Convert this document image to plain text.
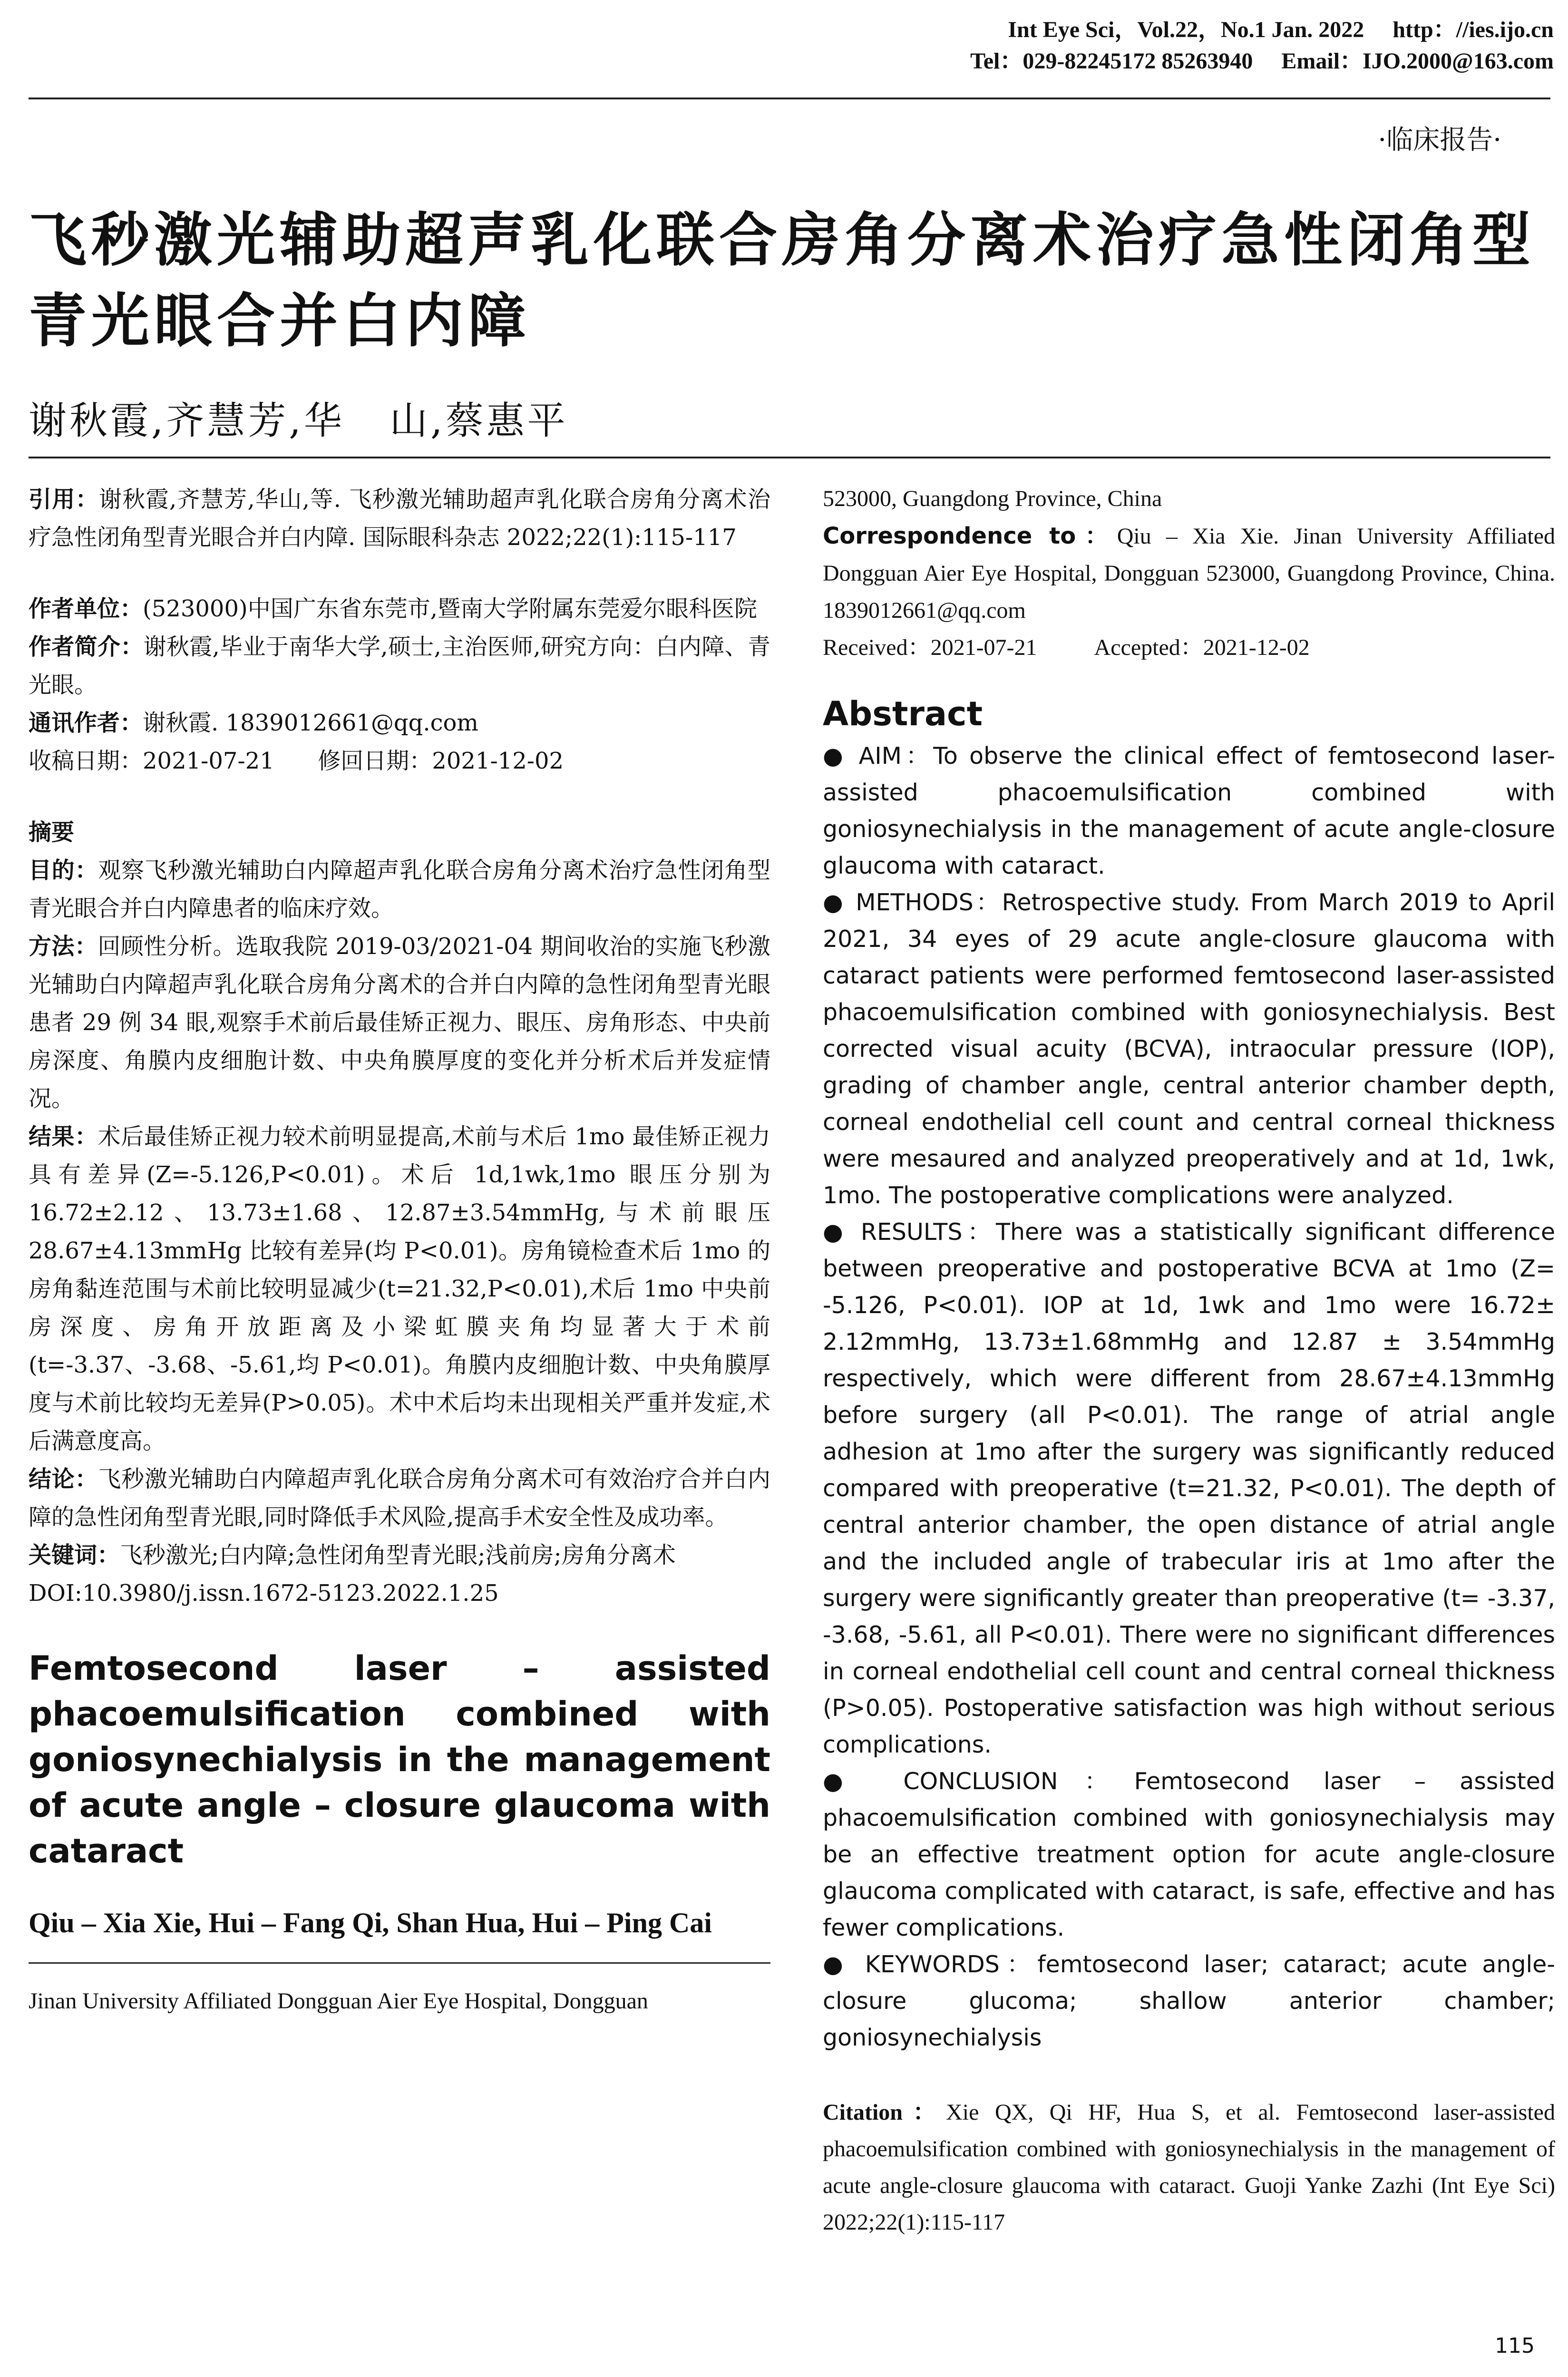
Int Eye Sci，Vol.22，No.1 Jan. 2022 http：//ies.ijo.cn
Tel：029-82245172 85263940 Email：IJO.2000@163.com
·临床报告·
飞秒激光辅助超声乳化联合房角分离术治疗急性闭角型
青光眼合并白内障
谢秋霞,齐慧芳,华   山,蔡惠平

引用：谢秋霞,齐慧芳,华山,等. 飞秒激光辅助超声乳化联合房角分离术治疗急性闭角型青光眼合并白内障. 国际眼科杂志 2022;22(1):115-117

作者单位：(523000)中国广东省东莞市,暨南大学附属东莞爱尔眼科医院

作者简介：谢秋霞,毕业于南华大学,硕士,主治医师,研究方向：白内障、青光眼。

通讯作者：谢秋霞. 1839012661@qq.com

收稿日期：2021-07-21      修回日期：2021-12-02

摘要

目的：观察飞秒激光辅助白内障超声乳化联合房角分离术治疗急性闭角型青光眼合并白内障患者的临床疗效。

方法：回顾性分析。选取我院 2019-03/2021-04 期间收治的实施飞秒激光辅助白内障超声乳化联合房角分离术的合并白内障的急性闭角型青光眼患者 29 例 34 眼,观察手术前后最佳矫正视力、眼压、房角形态、中央前房深度、角膜内皮细胞计数、中央角膜厚度的变化并分析术后并发症情况。

结果：术后最佳矫正视力较术前明显提高,术前与术后 1mo 最佳矫正视力具有差异(Z=-5.126,P<0.01)。术后 1d,1wk,1mo 眼压分别为 16.72±2.12、13.73±1.68、12.87±3.54mmHg,与术前眼压 28.67±4.13mmHg 比较有差异(均 P<0.01)。房角镜检查术后 1mo 的房角黏连范围与术前比较明显减少(t=21.32,P<0.01),术后 1mo 中央前房深度、房角开放距离及小梁虹膜夹角均显著大于术前(t=-3.37、-3.68、-5.61,均 P<0.01)。角膜内皮细胞计数、中央角膜厚度与术前比较均无差异(P>0.05)。术中术后均未出现相关严重并发症,术后满意度高。

结论：飞秒激光辅助白内障超声乳化联合房角分离术可有效治疗合并白内障的急性闭角型青光眼,同时降低手术风险,提高手术安全性及成功率。

关键词：飞秒激光;白内障;急性闭角型青光眼;浅前房;房角分离术

DOI:10.3980/j.issn.1672-5123.2022.1.25

Femtosecond laser – assisted phacoemulsification combined with goniosynechialysis in the management of acute angle – closure glaucoma with cataract

Qiu – Xia Xie, Hui – Fang Qi, Shan Hua, Hui – Ping Cai

Jinan University Affiliated Dongguan Aier Eye Hospital, Dongguan

523000, Guangdong Province, China

Correspondence to：Qiu – Xia Xie. Jinan University Affiliated Dongguan Aier Eye Hospital, Dongguan 523000, Guangdong Province, China. 1839012661@qq.com

Received：2021-07-21	Accepted：2021-12-02

Abstract

● AIM：To observe the clinical effect of femtosecond laser-assisted phacoemulsification combined with goniosynechialysis in the management of acute angle-closure glaucoma with cataract.

● METHODS：Retrospective study. From March 2019 to April 2021, 34 eyes of 29 acute angle-closure glaucoma with cataract patients were performed femtosecond laser-assisted phacoemulsification combined with goniosynechialysis. Best corrected visual acuity (BCVA), intraocular pressure (IOP), grading of chamber angle, central anterior chamber depth, corneal endothelial cell count and central corneal thickness were mesaured and analyzed preoperatively and at 1d, 1wk, 1mo. The postoperative complications were analyzed.

● RESULTS：There was a statistically significant difference between preoperative and postoperative BCVA at 1mo (Z= -5.126, P<0.01). IOP at 1d, 1wk and 1mo were 16.72± 2.12mmHg, 13.73±1.68mmHg and 12.87 ± 3.54mmHg respectively, which were different from 28.67±4.13mmHg before surgery (all P<0.01). The range of atrial angle adhesion at 1mo after the surgery was significantly reduced compared with preoperative (t=21.32, P<0.01). The depth of central anterior chamber, the open distance of atrial angle and the included angle of trabecular iris at 1mo after the surgery were significantly greater than preoperative (t= -3.37, -3.68, -5.61, all P<0.01). There were no significant differences in corneal endothelial cell count and central corneal thickness (P>0.05). Postoperative satisfaction was high without serious complications.

● CONCLUSION：Femtosecond laser – assisted phacoemulsification combined with goniosynechialysis may be an effective treatment option for acute angle-closure glaucoma complicated with cataract, is safe, effective and has fewer complications.

● KEYWORDS：femtosecond laser; cataract; acute angle-closure glucoma; shallow anterior chamber; goniosynechialysis

Citation：Xie QX, Qi HF, Hua S, et al. Femtosecond laser-assisted phacoemulsification combined with goniosynechialysis in the management of acute angle-closure glaucoma with cataract. Guoji Yanke Zazhi (Int Eye Sci) 2022;22(1):115-117

115
